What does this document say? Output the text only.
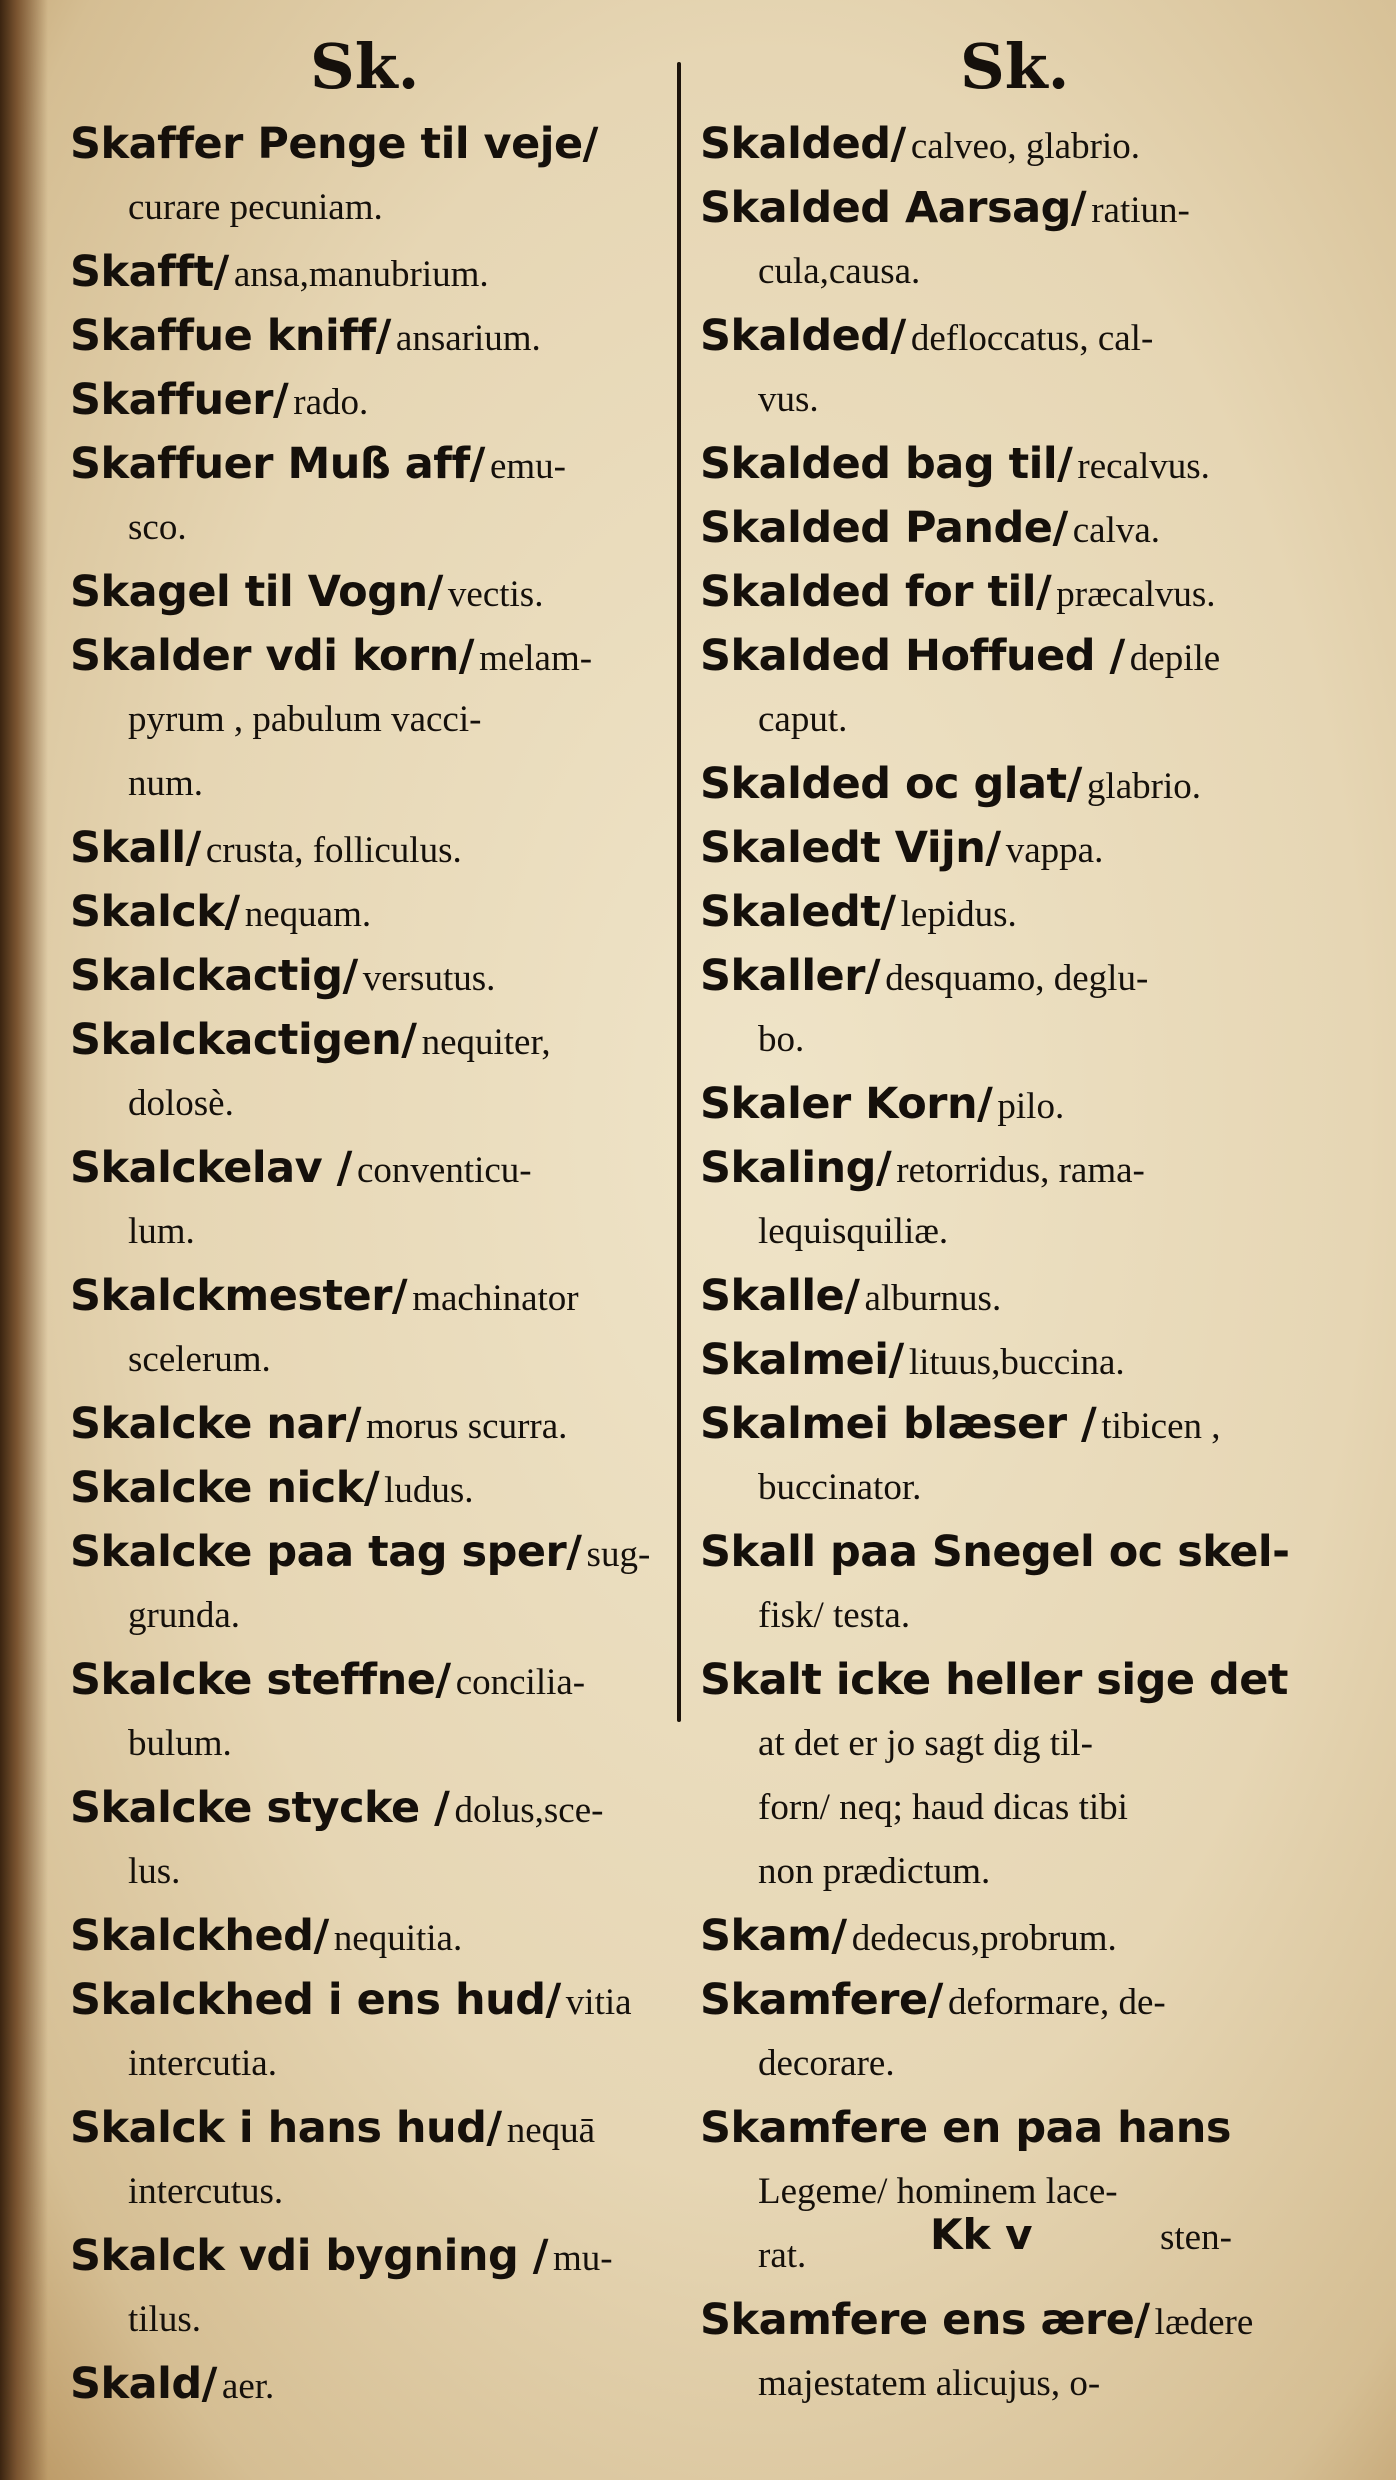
Sk.
Skaffer Penge til veje/
curare pecuniam.
Skafft/ ansa,manubrium.
Skaffue kniff/ ansarium.
Skaffuer/ rado.
Skaffuer Muß aff/ emu-
sco.
Skagel til Vogn/ vectis.
Skalder vdi korn/ melam-
pyrum , pabulum vacci-
num.
Skall/ crusta, folliculus.
Skalck/ nequam.
Skalckactig/ versutus.
Skalckactigen/ nequiter,
dolosè.
Skalckelav / conventicu-
lum.
Skalckmester/ machinator
scelerum.
Skalcke nar/ morus scurra.
Skalcke nick/ ludus.
Skalcke paa tag sper/ sug-
grunda.
Skalcke steffne/ concilia-
bulum.
Skalcke stycke / dolus,sce-
lus.
Skalckhed/ nequitia.
Skalckhed i ens hud/ vitia
intercutia.
Skalck i hans hud/ nequā
intercutus.
Skalck vdi bygning / mu-
tilus.
Skald/ aer.
Sk.
Kk v	sten-
Skalded/ calveo, glabrio.
Skalded Aarsag/ ratiun-
cula,causa.
Skalded/ defloccatus, cal-
vus.
Skalded bag til/ recalvus.
Skalded Pande/ calva.
Skalded for til/ prӕcalvus.
Skalded Hoffued / depile
caput.
Skalded oc glat/ glabrio.
Skaledt Vijn/ vappa.
Skaledt/ lepidus.
Skaller/ desquamo, deglu-
bo.
Skaler Korn/ pilo.
Skaling/ retorridus, rama-
lequisquiliӕ.
Skalle/ alburnus.
Skalmei/ lituus,buccina.
Skalmei blæser / tibicen ,
buccinator.
Skall paa Snegel oc skel-
fisk/ testa.
Skalt icke heller sige det
at det er jo sagt dig til-
forn/ neq; haud dicas tibi
non prӕdictum.
Skam/ dedecus,probrum.
Skamfere/ deformare, de-
decorare.
Skamfere en paa hans
Legeme/ hominem lace-
rat.
Skamfere ens ære/ lædere
majestatem alicujus, o-
